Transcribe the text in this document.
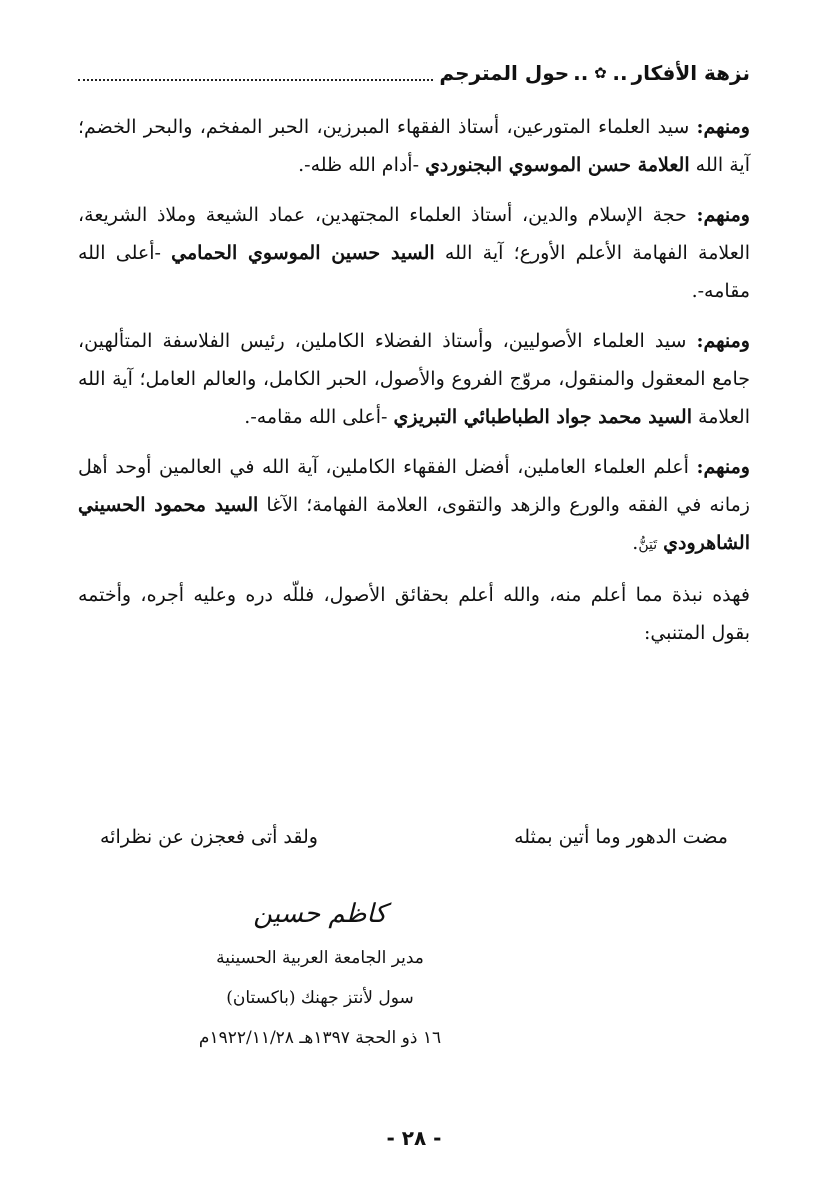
نزهة الأفكار
..
✿
..
حول المترجم

ومنهم: سيد العلماء المتورعين، أستاذ الفقهاء المبرزين، الحبر المفخم، والبحر الخضم؛ آية الله العلامة حسن الموسوي البجنوردي -أدام الله ظله-.

ومنهم: حجة الإسلام والدين، أستاذ العلماء المجتهدين، عماد الشيعة وملاذ الشريعة، العلامة الفهامة الأعلم الأورع؛ آية الله السيد حسين الموسوي الحمامي -أعلى الله مقامه-.

ومنهم: سيد العلماء الأصوليين، وأستاذ الفضلاء الكاملين، رئيس الفلاسفة المتألهين، جامع المعقول والمنقول، مروّج الفروع والأصول، الحبر الكامل، والعالم العامل؛ آية الله العلامة السيد محمد جواد الطباطبائي التبريزي -أعلى الله مقامه-.

ومنهم: أعلم العلماء العاملين، أفضل الفقهاء الكاملين، آية الله في العالمين أوحد أهل زمانه في الفقه والورع والزهد والتقوى، العلامة الفهامة؛ الآغا السيد محمود الحسيني الشاهرودي تَتِنُّ.

فهذه نبذة مما أعلم منه، والله أعلم بحقائق الأصول، فللّه دره وعليه أجره، وأختمه بقول المتنبي:

مضت الدهور وما أتين بمثله
ولقد أتى فعجزن عن نظرائه
كاظم حسين
مدير الجامعة العربية الحسينية
سول لأنتز جهنك (باكستان)
١٦ ذو الحجة ١٣٩٧هـ ١٩٢٢/١١/٢٨م
- ٢٨ -
